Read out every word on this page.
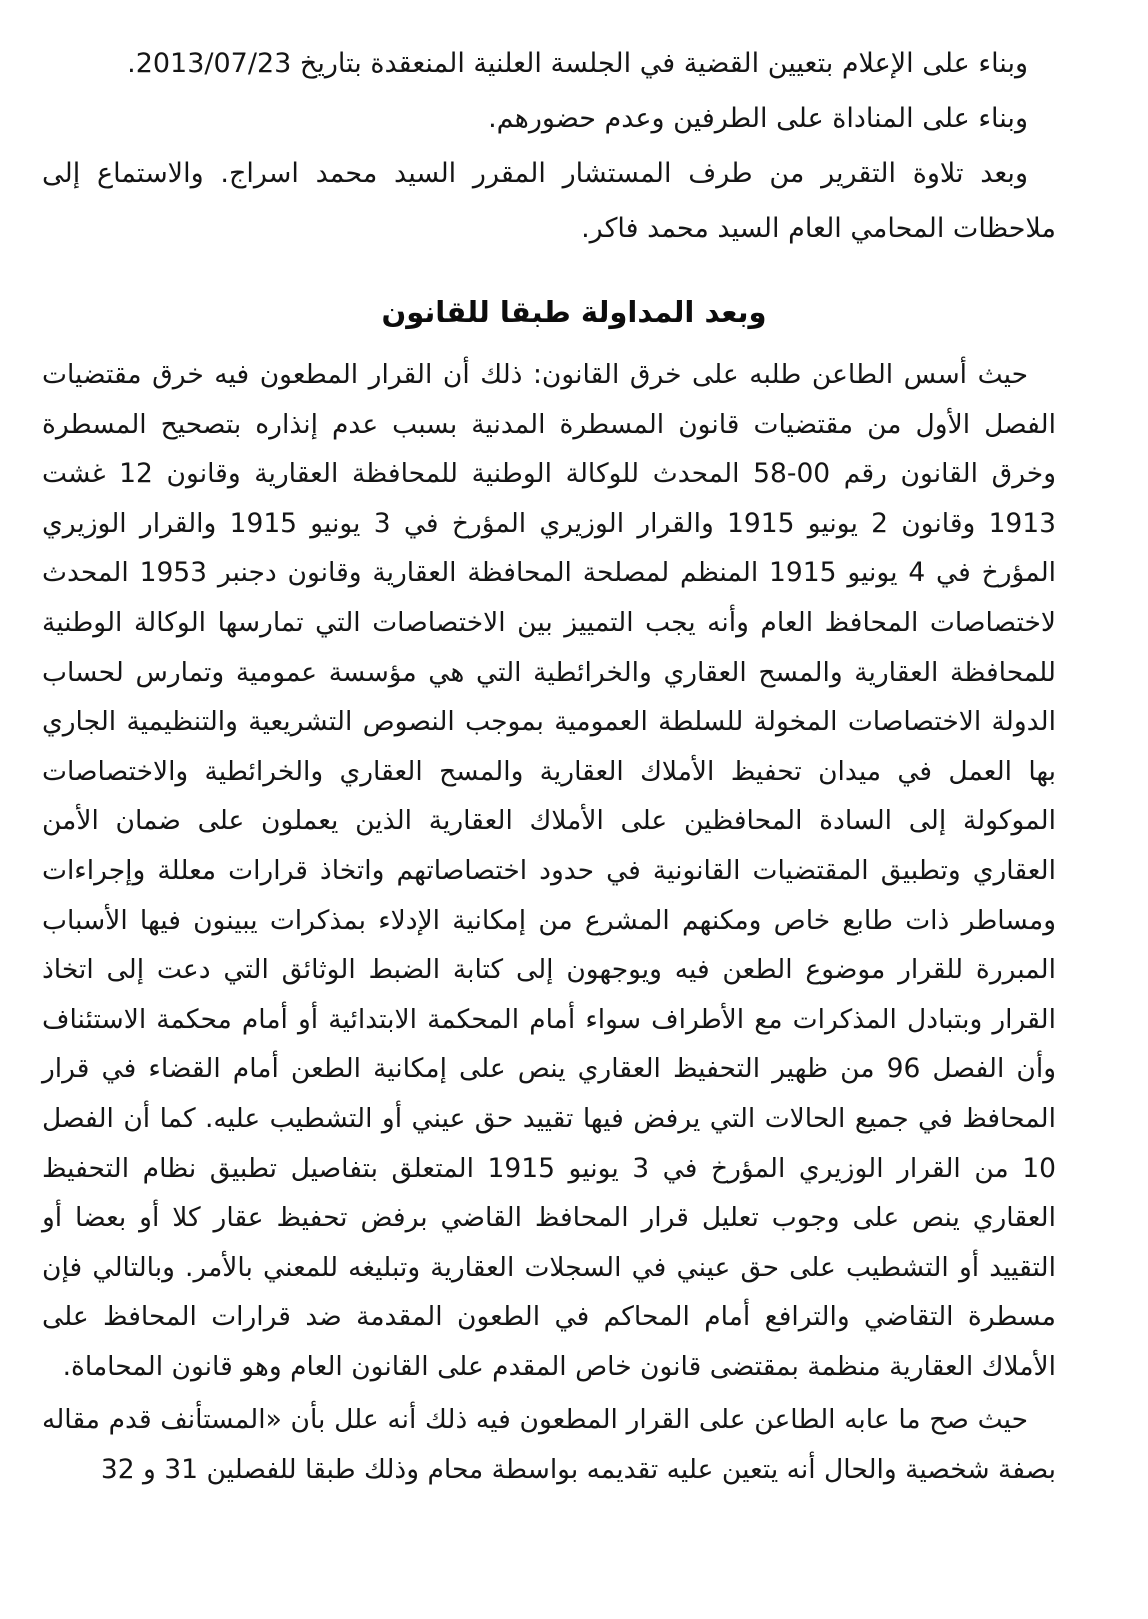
وبناء على الإعلام بتعيين القضية في الجلسة العلنية المنعقدة بتاريخ 2013/07/23.

وبناء على المناداة على الطرفين وعدم حضورهم.

وبعد تلاوة التقرير من طرف المستشار المقرر السيد محمد اسراج. والاستماع إلى ملاحظات المحامي العام السيد محمد فاكر.

وبعد المداولة طبقا للقانون

حيث أسس الطاعن طلبه على خرق القانون: ذلك أن القرار المطعون فيه خرق مقتضيات الفصل الأول من مقتضيات قانون المسطرة المدنية بسبب عدم إنذاره بتصحيح المسطرة وخرق القانون رقم 00-58 المحدث للوكالة الوطنية للمحافظة العقارية وقانون 12 غشت 1913 وقانون 2 يونيو 1915 والقرار الوزيري المؤرخ في 3 يونيو 1915 والقرار الوزيري المؤرخ في 4 يونيو 1915 المنظم لمصلحة المحافظة العقارية وقانون دجنبر 1953 المحدث لاختصاصات المحافظ العام وأنه يجب التمييز بين الاختصاصات التي تمارسها الوكالة الوطنية للمحافظة العقارية والمسح العقاري والخرائطية التي هي مؤسسة عمومية وتمارس لحساب الدولة الاختصاصات المخولة للسلطة العمومية بموجب النصوص التشريعية والتنظيمية الجاري بها العمل في ميدان تحفيظ الأملاك العقارية والمسح العقاري والخرائطية والاختصاصات الموكولة إلى السادة المحافظين على الأملاك العقارية الذين يعملون على ضمان الأمن العقاري وتطبيق المقتضيات القانونية في حدود اختصاصاتهم واتخاذ قرارات معللة وإجراءات ومساطر ذات طابع خاص ومكنهم المشرع من إمكانية الإدلاء بمذكرات يبينون فيها الأسباب المبررة للقرار موضوع الطعن فيه ويوجهون إلى كتابة الضبط الوثائق التي دعت إلى اتخاذ القرار وبتبادل المذكرات مع الأطراف سواء أمام المحكمة الابتدائية أو أمام محكمة الاستئناف وأن الفصل 96 من ظهير التحفيظ العقاري ينص على إمكانية الطعن أمام القضاء في قرار المحافظ في جميع الحالات التي يرفض فيها تقييد حق عيني أو التشطيب عليه. كما أن الفصل 10 من القرار الوزيري المؤرخ في 3 يونيو 1915 المتعلق بتفاصيل تطبيق نظام التحفيظ العقاري ينص على وجوب تعليل قرار المحافظ القاضي برفض تحفيظ عقار كلا أو بعضا أو التقييد أو التشطيب على حق عيني في السجلات العقارية وتبليغه للمعني بالأمر. وبالتالي فإن مسطرة التقاضي والترافع أمام المحاكم في الطعون المقدمة ضد قرارات المحافظ على الأملاك العقارية منظمة بمقتضى قانون خاص المقدم على القانون العام وهو قانون المحاماة.

حيث صح ما عابه الطاعن على القرار المطعون فيه ذلك أنه علل بأن «المستأنف قدم مقاله بصفة شخصية والحال أنه يتعين عليه تقديمه بواسطة محام وذلك طبقا للفصلين 31 و 32
